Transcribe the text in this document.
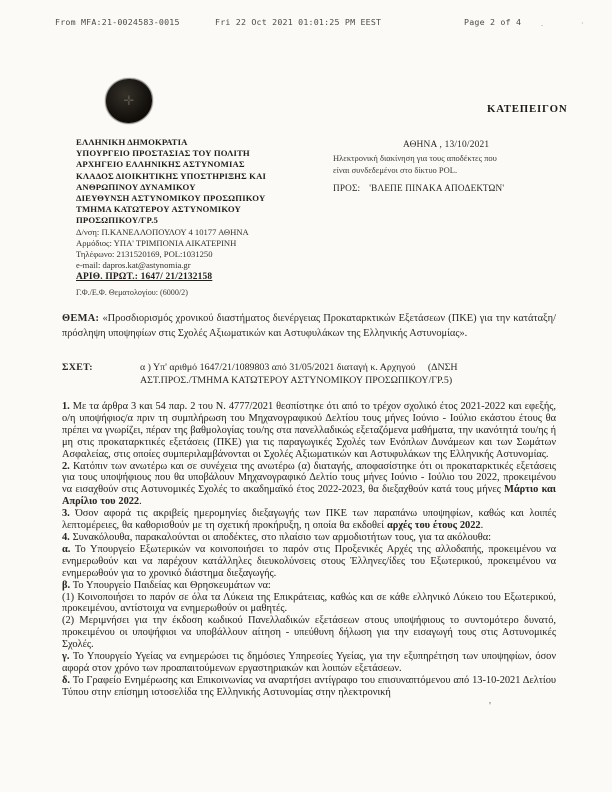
From MFA:21-0024583-0015	Fri 22 Oct 2021 01:01:25 PM EEST	Page 2 of 4 . ·
'
ΚΑΤΕΠΕΙΓΟΝ
✛
ΕΛΛΗΝΙΚΗ ΔΗΜΟΚΡΑΤΙΑ
ΥΠΟΥΡΓΕΙΟ ΠΡΟΣΤΑΣΙΑΣ ΤΟΥ ΠΟΛΙΤΗ
ΑΡΧΗΓΕΙΟ ΕΛΛΗΝΙΚΗΣ ΑΣΤΥΝΟΜΙΑΣ
ΚΛΑΔΟΣ ΔΙΟΙΚΗΤΙΚΗΣ ΥΠΟΣΤΗΡΙΞΗΣ ΚΑΙ
ΑΝΘΡΩΠΙΝΟΥ ΔΥΝΑΜΙΚΟΥ
ΔΙΕΥΘΥΝΣΗ ΑΣΤΥΝΟΜΙΚΟΥ ΠΡΟΣΩΠΙΚΟΥ
ΤΜΗΜΑ ΚΑΤΩΤΕΡΟΥ ΑΣΤΥΝΟΜΙΚΟΥ
ΠΡΟΣΩΠΙΚΟΥ/ΓΡ.5
Δ/νση: Π.ΚΑΝΕΛΛΟΠΟΥΛΟΥ 4 10177 ΑΘΗΝΑ
Αρμόδιος: ΥΠΑ' ΤΡΙΜΠΟΝΙΑ ΑΙΚΑΤΕΡΙΝΗ
Τηλέφωνο: 2131520169, POL:1031250
e-mail: dapros.kat@astynomia.gr
ΑΡΙΘ. ΠΡΩΤ.: 1647/ 21/2132158
Γ.Φ./Ε.Φ. Θεματολογίου: (6000/2)
ΑΘΗΝΑ , 13/10/2021
Ηλεκτρονική διακίνηση για τους αποδέκτες που
είναι συνδεδεμένοι στο δίκτυο POL.
ΠΡΟΣ: 'ΒΛΕΠΕ ΠΙΝΑΚΑ ΑΠΟΔΕΚΤΩΝ'
ΘΕΜΑ: «Προσδιορισμός χρονικού διαστήματος διενέργειας Προκαταρκτικών Εξετάσεων (ΠΚΕ) για την κατάταξη/πρόσληψη υποψηφίων στις Σχολές Αξιωματικών και Αστυφυλάκων της Ελληνικής Αστυνομίας».
ΣΧΕΤ:	α ) Υπ' αριθμό 1647/21/1089803 από 31/05/2021 διαταγή κ. Αρχηγού     (ΔΝΣΗ
ΑΣΤ.ΠΡΟΣ./ΤΜΗΜΑ ΚΑΤΩΤΕΡΟΥ ΑΣΤΥΝΟΜΙΚΟΥ ΠΡΟΣΩΠΙΚΟΥ/ΓΡ.5)

1. Με τα άρθρα 3 και 54 παρ. 2 του Ν. 4777/2021 θεσπίστηκε ότι από το τρέχον σχολικό έτος 2021-2022 και εφεξής, ο/η υποψήφιος/α πριν τη συμπλήρωση του Μηχανογραφικού Δελτίου τους μήνες Ιούνιο - Ιούλιο εκάστου έτους θα πρέπει να γνωρίζει, πέραν της βαθμολογίας του/ης στα πανελλαδικώς εξεταζόμενα μαθήματα, την ικανότητά του/ης ή μη στις προκαταρκτικές εξετάσεις (ΠΚΕ) για τις παραγωγικές Σχολές των Ενόπλων Δυνάμεων και των Σωμάτων Ασφαλείας, στις οποίες συμπεριλαμβάνονται οι Σχολές Αξιωματικών και Αστυφυλάκων της Ελληνικής Αστυνομίας.

2. Κατόπιν των ανωτέρω και σε συνέχεια της ανωτέρω (α) διαταγής, αποφασίστηκε ότι οι προκαταρκτικές εξετάσεις για τους υποψήφιους που θα υποβάλουν Μηχανογραφικό Δελτίο τους μήνες Ιούνιο - Ιούλιο του 2022, προκειμένου να εισαχθούν στις Αστυνομικές Σχολές το ακαδημαϊκό έτος 2022-2023, θα διεξαχθούν κατά τους μήνες Μάρτιο και Απρίλιο του 2022.

3. Όσον αφορά τις ακριβείς ημερομηνίες διεξαγωγής των ΠΚΕ των παραπάνω υποψηφίων, καθώς και λοιπές λεπτομέρειες, θα καθορισθούν με τη σχετική προκήρυξη, η οποία θα εκδοθεί αρχές του έτους 2022.

4. Συνακόλουθα, παρακαλούνται οι αποδέκτες, στο πλαίσιο των αρμοδιοτήτων τους, για τα ακόλουθα:

α. Το Υπουργείο Εξωτερικών να κοινοποιήσει το παρόν στις Προξενικές Αρχές της αλλοδαπής, προκειμένου να ενημερωθούν και να παρέχουν κατάλληλες διευκολύνσεις στους Έλληνες/ίδες του Εξωτερικού, προκειμένου να ενημερωθούν για το χρονικό διάστημα διεξαγωγής.

β. Το Υπουργείο Παιδείας και Θρησκευμάτων να:

(1) Κοινοποιήσει το παρόν σε όλα τα Λύκεια της Επικράτειας, καθώς και σε κάθε ελληνικό Λύκειο του Εξωτερικού, προκειμένου, αντίστοιχα να ενημερωθούν οι μαθητές.

(2) Μεριμνήσει για την έκδοση κωδικού Πανελλαδικών εξετάσεων στους υποψήφιους το συντομότερο δυνατό, προκειμένου οι υποψήφιοι να υποβάλλουν αίτηση - υπεύθυνη δήλωση για την εισαγωγή τους στις Αστυνομικές Σχολές.

γ. Το Υπουργείο Υγείας να ενημερώσει τις δημόσιες Υπηρεσίες Υγείας, για την εξυπηρέτηση των υποψηφίων, όσον αφορά στον χρόνο των προαπαιτούμενων εργαστηριακών και λοιπών εξετάσεων.

δ. Το Γραφείο Ενημέρωσης και Επικοινωνίας να αναρτήσει αντίγραφο του επισυναπτόμενου από 13-10-2021 Δελτίου Τύπου στην επίσημη ιστοσελίδα της Ελληνικής Αστυνομίας στην ηλεκτρονική
